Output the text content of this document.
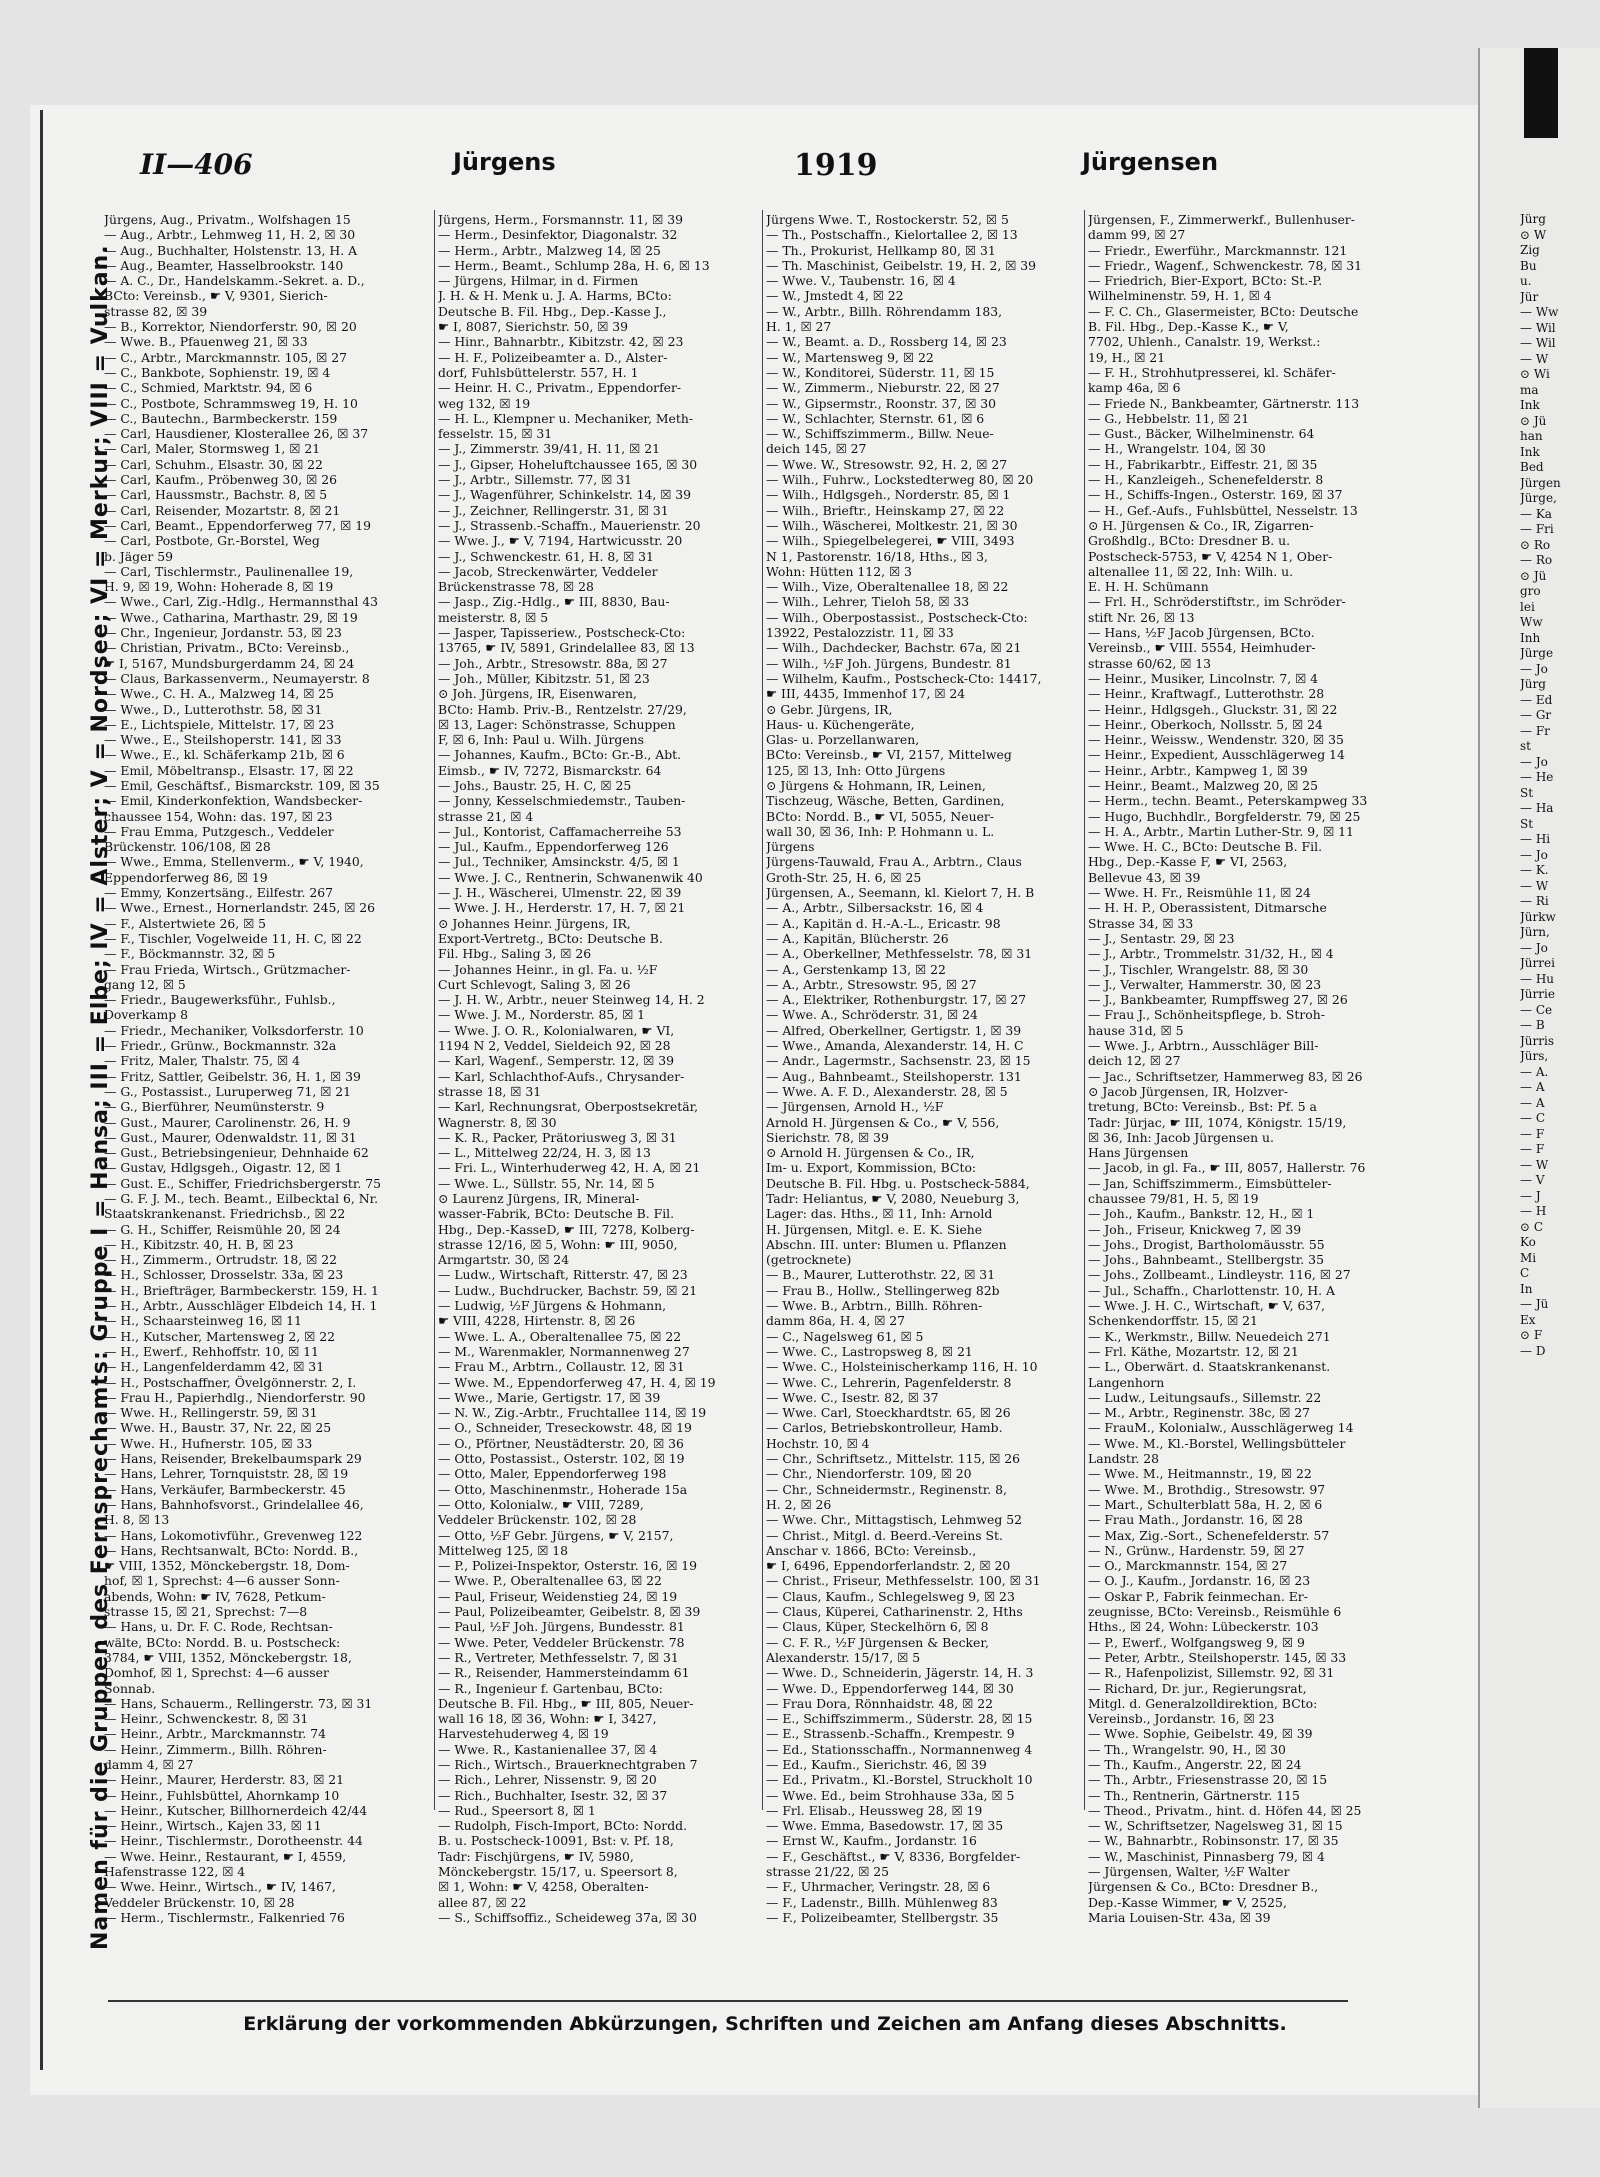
II—406	Jürgens	1919	Jürgensen
Namen für die Gruppen des Fernsprechamts: Gruppe I = Hansa; III = Elbe; IV = Alster; V = Nordsee; VI = Merkur; VIII = Vulkan.

Jürgens, Aug., Privatm., Wolfshagen 15

— Aug., Arbtr., Lehmweg 11, H. 2, ☒ 30

— Aug., Buchhalter, Holstenstr. 13, H. A

— Aug., Beamter, Hasselbrookstr. 140

— A. C., Dr., Handelskamm.-Sekret. a. D.,

BCto: Vereinsb., ☛ V, 9301, Sierich-

strasse 82, ☒ 39

— B., Korrektor, Niendorferstr. 90, ☒ 20

— Wwe. B., Pfauenweg 21, ☒ 33

— C., Arbtr., Marckmannstr. 105, ☒ 27

— C., Bankbote, Sophienstr. 19, ☒ 4

— C., Schmied, Marktstr. 94, ☒ 6

— C., Postbote, Schrammsweg 19, H. 10

— C., Bautechn., Barmbeckerstr. 159

— Carl, Hausdiener, Klosterallee 26, ☒ 37

— Carl, Maler, Stormsweg 1, ☒ 21

— Carl, Schuhm., Elsastr. 30, ☒ 22

— Carl, Kaufm., Pröbenweg 30, ☒ 26

— Carl, Haussmstr., Bachstr. 8, ☒ 5

— Carl, Reisender, Mozartstr. 8, ☒ 21

— Carl, Beamt., Eppendorferweg 77, ☒ 19

— Carl, Postbote, Gr.-Borstel, Weg

b. Jäger 59

— Carl, Tischlermstr., Paulinenallee 19,

H. 9, ☒ 19, Wohn: Hoherade 8, ☒ 19

— Wwe., Carl, Zig.-Hdlg., Hermannsthal 43

— Wwe., Catharina, Marthastr. 29, ☒ 19

— Chr., Ingenieur, Jordanstr. 53, ☒ 23

— Christian, Privatm., BCto: Vereinsb.,

☛ I, 5167, Mundsburgerdamm 24, ☒ 24

— Claus, Barkassenverm., Neumayerstr. 8

— Wwe., C. H. A., Malzweg 14, ☒ 25

— Wwe., D., Lutterothstr. 58, ☒ 31

— E., Lichtspiele, Mittelstr. 17, ☒ 23

— Wwe., E., Steilshoperstr. 141, ☒ 33

— Wwe., E., kl. Schäferkamp 21b, ☒ 6

— Emil, Möbeltransp., Elsastr. 17, ☒ 22

— Emil, Geschäftsf., Bismarckstr. 109, ☒ 35

— Emil, Kinderkonfektion, Wandsbecker-

chaussee 154, Wohn: das. 197, ☒ 23

— Frau Emma, Putzgesch., Veddeler

Brückenstr. 106/108, ☒ 28

— Wwe., Emma, Stellenverm., ☛ V, 1940,

Eppendorferweg 86, ☒ 19

— Emmy, Konzertsäng., Eilfestr. 267

— Wwe., Ernest., Hornerlandstr. 245, ☒ 26

— F., Alstertwiete 26, ☒ 5

— F., Tischler, Vogelweide 11, H. C, ☒ 22

— F., Böckmannstr. 32, ☒ 5

— Frau Frieda, Wirtsch., Grützmacher-

gang 12, ☒ 5

— Friedr., Baugewerksführ., Fuhlsb.,

Doverkamp 8

— Friedr., Mechaniker, Volksdorferstr. 10

— Friedr., Grünw., Bockmannstr. 32a

— Fritz, Maler, Thalstr. 75, ☒ 4

— Fritz, Sattler, Geibelstr. 36, H. 1, ☒ 39

— G., Postassist., Luruperweg 71, ☒ 21

— G., Bierführer, Neumünsterstr. 9

— Gust., Maurer, Carolinenstr. 26, H. 9

— Gust., Maurer, Odenwaldstr. 11, ☒ 31

— Gust., Betriebsingenieur, Dehnhaide 62

— Gustav, Hdlgsgeh., Oigastr. 12, ☒ 1

— Gust. E., Schiffer, Friedrichsbergerstr. 75

— G. F. J. M., tech. Beamt., Eilbecktal 6, Nr.

Staatskrankenanst. Friedrichsb., ☒ 22

— G. H., Schiffer, Reismühle 20, ☒ 24

— H., Kibitzstr. 40, H. B, ☒ 23

— H., Zimmerm., Ortrudstr. 18, ☒ 22

— H., Schlosser, Drosselstr. 33a, ☒ 23

— H., Briefträger, Barmbeckerstr. 159, H. 1

— H., Arbtr., Ausschläger Elbdeich 14, H. 1

— H., Schaarsteinweg 16, ☒ 11

— H., Kutscher, Martensweg 2, ☒ 22

— H., Ewerf., Rehhoffstr. 10, ☒ 11

— H., Langenfelderdamm 42, ☒ 31

— H., Postschaffner, Övelgönnerstr. 2, I.

— Frau H., Papierhdlg., Niendorferstr. 90

— Wwe. H., Rellingerstr. 59, ☒ 31

— Wwe. H., Baustr. 37, Nr. 22, ☒ 25

— Wwe. H., Hufnerstr. 105, ☒ 33

— Hans, Reisender, Brekelbaumspark 29

— Hans, Lehrer, Tornquiststr. 28, ☒ 19

— Hans, Verkäufer, Barmbeckerstr. 45

— Hans, Bahnhofsvorst., Grindelallee 46,

H. 8, ☒ 13

— Hans, Lokomotivführ., Grevenweg 122

— Hans, Rechtsanwalt, BCto: Nordd. B.,

☛ VIII, 1352, Mönckebergstr. 18, Dom-

hof, ☒ 1, Sprechst: 4—6 ausser Sonn-

abends, Wohn: ☛ IV, 7628, Petkum-

strasse 15, ☒ 21, Sprechst: 7—8

— Hans, u. Dr. F. C. Rode, Rechtsan-

wälte, BCto: Nordd. B. u. Postscheck:

3784, ☛ VIII, 1352, Mönckebergstr. 18,

Domhof, ☒ 1, Sprechst: 4—6 ausser

Sonnab.

— Hans, Schauerm., Rellingerstr. 73, ☒ 31

— Heinr., Schwenckestr. 8, ☒ 31

— Heinr., Arbtr., Marckmannstr. 74

— Heinr., Zimmerm., Billh. Röhren-

damm 4, ☒ 27

— Heinr., Maurer, Herderstr. 83, ☒ 21

— Heinr., Fuhlsbüttel, Ahornkamp 10

— Heinr., Kutscher, Billhornerdeich 42/44

— Heinr., Wirtsch., Kajen 33, ☒ 11

— Heinr., Tischlermstr., Dorotheenstr. 44

— Wwe. Heinr., Restaurant, ☛ I, 4559,

Hafenstrasse 122, ☒ 4

— Wwe. Heinr., Wirtsch., ☛ IV, 1467,

Veddeler Brückenstr. 10, ☒ 28

— Herm., Tischlermstr., Falkenried 76

Jürgens, Herm., Forsmannstr. 11, ☒ 39

— Herm., Desinfektor, Diagonalstr. 32

— Herm., Arbtr., Malzweg 14, ☒ 25

— Herm., Beamt., Schlump 28a, H. 6, ☒ 13

— Jürgens, Hilmar, in d. Firmen

J. H. & H. Menk u. J. A. Harms, BCto:

Deutsche B. Fil. Hbg., Dep.-Kasse J.,

☛ I, 8087, Sierichstr. 50, ☒ 39

— Hinr., Bahnarbtr., Kibitzstr. 42, ☒ 23

— H. F., Polizeibeamter a. D., Alster-

dorf, Fuhlsbüttelerstr. 557, H. 1

— Heinr. H. C., Privatm., Eppendorfer-

weg 132, ☒ 19

— H. L., Klempner u. Mechaniker, Meth-

fesselstr. 15, ☒ 31

— J., Zimmerstr. 39/41, H. 11, ☒ 21

— J., Gipser, Hoheluftchaussee 165, ☒ 30

— J., Arbtr., Sillemstr. 77, ☒ 31

— J., Wagenführer, Schinkelstr. 14, ☒ 39

— J., Zeichner, Rellingerstr. 31, ☒ 31

— J., Strassenb.-Schaffn., Mauerienstr. 20

— Wwe. J., ☛ V, 7194, Hartwicusstr. 20

— J., Schwenckestr. 61, H. 8, ☒ 31

— Jacob, Streckenwärter, Veddeler

Brückenstrasse 78, ☒ 28

— Jasp., Zig.-Hdlg., ☛ III, 8830, Bau-

meisterstr. 8, ☒ 5

— Jasper, Tapisseriew., Postscheck-Cto:

13765, ☛ IV, 5891, Grindelallee 83, ☒ 13

— Joh., Arbtr., Stresowstr. 88a, ☒ 27

— Joh., Müller, Kibitzstr. 51, ☒ 23

⊙ Joh. Jürgens, IR, Eisenwaren,

BCto: Hamb. Priv.-B., Rentzelstr. 27/29,

☒ 13, Lager: Schönstrasse, Schuppen

F, ☒ 6, Inh: Paul u. Wilh. Jürgens

— Johannes, Kaufm., BCto: Gr.-B., Abt.

Eimsb., ☛ IV, 7272, Bismarckstr. 64

— Johs., Baustr. 25, H. C, ☒ 25

— Jonny, Kesselschmiedemstr., Tauben-

strasse 21, ☒ 4

— Jul., Kontorist, Caffamacherreihe 53

— Jul., Kaufm., Eppendorferweg 126

— Jul., Techniker, Amsinckstr. 4/5, ☒ 1

— Wwe. J. C., Rentnerin, Schwanenwik 40

— J. H., Wäscherei, Ulmenstr. 22, ☒ 39

— Wwe. J. H., Herderstr. 17, H. 7, ☒ 21

⊙ Johannes Heinr. Jürgens, IR,

Export-Vertretg., BCto: Deutsche B.

Fil. Hbg., Saling 3, ☒ 26

— Johannes Heinr., in gl. Fa. u. ½F

Curt Schlevogt, Saling 3, ☒ 26

— J. H. W., Arbtr., neuer Steinweg 14, H. 2

— Wwe. J. M., Norderstr. 85, ☒ 1

— Wwe. J. O. R., Kolonialwaren, ☛ VI,

1194 N 2, Veddel, Sieldeich 92, ☒ 28

— Karl, Wagenf., Semperstr. 12, ☒ 39

— Karl, Schlachthof-Aufs., Chrysander-

strasse 18, ☒ 31

— Karl, Rechnungsrat, Oberpostsekretär,

Wagnerstr. 8, ☒ 30

— K. R., Packer, Prätoriusweg 3, ☒ 31

— L., Mittelweg 22/24, H. 3, ☒ 13

— Fri. L., Winterhuderweg 42, H. A, ☒ 21

— Wwe. L., Süllstr. 55, Nr. 14, ☒ 5

⊙ Laurenz Jürgens, IR, Mineral-

wasser-Fabrik, BCto: Deutsche B. Fil.

Hbg., Dep.-KasseD, ☛ III, 7278, Kolberg-

strasse 12/16, ☒ 5, Wohn: ☛ III, 9050,

Armgartstr. 30, ☒ 24

— Ludw., Wirtschaft, Ritterstr. 47, ☒ 23

— Ludw., Buchdrucker, Bachstr. 59, ☒ 21

— Ludwig, ½F Jürgens & Hohmann,

☛ VIII, 4228, Hirtenstr. 8, ☒ 26

— Wwe. L. A., Oberaltenallee 75, ☒ 22

— M., Warenmakler, Normannenweg 27

— Frau M., Arbtrn., Collaustr. 12, ☒ 31

— Wwe. M., Eppendorferweg 47, H. 4, ☒ 19

— Wwe., Marie, Gertigstr. 17, ☒ 39

— N. W., Zig.-Arbtr., Fruchtallee 114, ☒ 19

— O., Schneider, Treseckowstr. 48, ☒ 19

— O., Pförtner, Neustädterstr. 20, ☒ 36

— Otto, Postassist., Osterstr. 102, ☒ 19

— Otto, Maler, Eppendorferweg 198

— Otto, Maschinenmstr., Hoherade 15a

— Otto, Kolonialw., ☛ VIII, 7289,

Veddeler Brückenstr. 102, ☒ 28

— Otto, ½F Gebr. Jürgens, ☛ V, 2157,

Mittelweg 125, ☒ 18

— P., Polizei-Inspektor, Osterstr. 16, ☒ 19

— Wwe. P., Oberaltenallee 63, ☒ 22

— Paul, Friseur, Weidenstieg 24, ☒ 19

— Paul, Polizeibeamter, Geibelstr. 8, ☒ 39

— Paul, ½F Joh. Jürgens, Bundesstr. 81

— Wwe. Peter, Veddeler Brückenstr. 78

— R., Vertreter, Methfesselstr. 7, ☒ 31

— R., Reisender, Hammersteindamm 61

— R., Ingenieur f. Gartenbau, BCto:

Deutsche B. Fil. Hbg., ☛ III, 805, Neuer-

wall 16 18, ☒ 36, Wohn: ☛ I, 3427,

Harvestehuderweg 4, ☒ 19

— Wwe. R., Kastanienallee 37, ☒ 4

— Rich., Wirtsch., Brauerknechtgraben 7

— Rich., Lehrer, Nissenstr. 9, ☒ 20

— Rich., Buchhalter, Isestr. 32, ☒ 37

— Rud., Speersort 8, ☒ 1

— Rudolph, Fisch-Import, BCto: Nordd.

B. u. Postscheck-10091, Bst: v. Pf. 18,

Tadr: Fischjürgens, ☛ IV, 5980,

Mönckebergstr. 15/17, u. Speersort 8,

☒ 1, Wohn: ☛ V, 4258, Oberalten-

allee 87, ☒ 22

— S., Schiffsoffiz., Scheideweg 37a, ☒ 30

Jürgens Wwe. T., Rostockerstr. 52, ☒ 5

— Th., Postschaffn., Kielortallee 2, ☒ 13

— Th., Prokurist, Hellkamp 80, ☒ 31

— Th. Maschinist, Geibelstr. 19, H. 2, ☒ 39

— Wwe. V., Taubenstr. 16, ☒ 4

— W., Jmstedt 4, ☒ 22

— W., Arbtr., Billh. Röhrendamm 183,

H. 1, ☒ 27

— W., Beamt. a. D., Rossberg 14, ☒ 23

— W., Martensweg 9, ☒ 22

— W., Konditorei, Süderstr. 11, ☒ 15

— W., Zimmerm., Nieburstr. 22, ☒ 27

— W., Gipsermstr., Roonstr. 37, ☒ 30

— W., Schlachter, Sternstr. 61, ☒ 6

— W., Schiffszimmerm., Billw. Neue-

deich 145, ☒ 27

— Wwe. W., Stresowstr. 92, H. 2, ☒ 27

— Wilh., Fuhrw., Lockstedterweg 80, ☒ 20

— Wilh., Hdlgsgeh., Norderstr. 85, ☒ 1

— Wilh., Brieftr., Heinskamp 27, ☒ 22

— Wilh., Wäscherei, Moltkestr. 21, ☒ 30

— Wilh., Spiegelbelegerei, ☛ VIII, 3493

N 1, Pastorenstr. 16/18, Hths., ☒ 3,

Wohn: Hütten 112, ☒ 3

— Wilh., Vize, Oberaltenallee 18, ☒ 22

— Wilh., Lehrer, Tieloh 58, ☒ 33

— Wilh., Oberpostassist., Postscheck-Cto:

13922, Pestalozzistr. 11, ☒ 33

— Wilh., Dachdecker, Bachstr. 67a, ☒ 21

— Wilh., ½F Joh. Jürgens, Bundestr. 81

— Wilhelm, Kaufm., Postscheck-Cto: 14417,

☛ III, 4435, Immenhof 17, ☒ 24

⊙ Gebr. Jürgens, IR,

Haus- u. Küchengeräte,

Glas- u. Porzellanwaren,

BCto: Vereinsb., ☛ VI, 2157, Mittelweg

125, ☒ 13, Inh: Otto Jürgens

⊙ Jürgens & Hohmann, IR, Leinen,

Tischzeug, Wäsche, Betten, Gardinen,

BCto: Nordd. B., ☛ VI, 5055, Neuer-

wall 30, ☒ 36, Inh: P. Hohmann u. L.

Jürgens

Jürgens-Tauwald, Frau A., Arbtrn., Claus

Groth-Str. 25, H. 6, ☒ 25

Jürgensen, A., Seemann, kl. Kielort 7, H. B

— A., Arbtr., Silbersackstr. 16, ☒ 4

— A., Kapitän d. H.-A.-L., Ericastr. 98

— A., Kapitän, Blücherstr. 26

— A., Oberkellner, Methfesselstr. 78, ☒ 31

— A., Gerstenkamp 13, ☒ 22

— A., Arbtr., Stresowstr. 95, ☒ 27

— A., Elektriker, Rothenburgstr. 17, ☒ 27

— Wwe. A., Schröderstr. 31, ☒ 24

— Alfred, Oberkellner, Gertigstr. 1, ☒ 39

— Wwe., Amanda, Alexanderstr. 14, H. C

— Andr., Lagermstr., Sachsenstr. 23, ☒ 15

— Aug., Bahnbeamt., Steilshoperstr. 131

— Wwe. A. F. D., Alexanderstr. 28, ☒ 5

— Jürgensen, Arnold H., ½F

Arnold H. Jürgensen & Co., ☛ V, 556,

Sierichstr. 78, ☒ 39

⊙ Arnold H. Jürgensen & Co., IR,

Im- u. Export, Kommission, BCto:

Deutsche B. Fil. Hbg. u. Postscheck-5884,

Tadr: Heliantus, ☛ V, 2080, Neueburg 3,

Lager: das. Hths., ☒ 11, Inh: Arnold

H. Jürgensen, Mitgl. e. E. K. Siehe

Abschn. III. unter: Blumen u. Pflanzen

(getrocknete)

— B., Maurer, Lutterothstr. 22, ☒ 31

— Frau B., Hollw., Stellingerweg 82b

— Wwe. B., Arbtrn., Billh. Röhren-

damm 86a, H. 4, ☒ 27

— C., Nagelsweg 61, ☒ 5

— Wwe. C., Lastropsweg 8, ☒ 21

— Wwe. C., Holsteinischerkamp 116, H. 10

— Wwe. C., Lehrerin, Pagenfelderstr. 8

— Wwe. C., Isestr. 82, ☒ 37

— Wwe. Carl, Stoeckhardtstr. 65, ☒ 26

— Carlos, Betriebskontrolleur, Hamb.

Hochstr. 10, ☒ 4

— Chr., Schriftsetz., Mittelstr. 115, ☒ 26

— Chr., Niendorferstr. 109, ☒ 20

— Chr., Schneidermstr., Reginenstr. 8,

H. 2, ☒ 26

— Wwe. Chr., Mittagstisch, Lehmweg 52

— Christ., Mitgl. d. Beerd.-Vereins St.

Anschar v. 1866, BCto: Vereinsb.,

☛ I, 6496, Eppendorferlandstr. 2, ☒ 20

— Christ., Friseur, Methfesselstr. 100, ☒ 31

— Claus, Kaufm., Schlegelsweg 9, ☒ 23

— Claus, Küperei, Catharinenstr. 2, Hths

— Claus, Küper, Steckelhörn 6, ☒ 8

— C. F. R., ½F Jürgensen & Becker,

Alexanderstr. 15/17, ☒ 5

— Wwe. D., Schneiderin, Jägerstr. 14, H. 3

— Wwe. D., Eppendorferweg 144, ☒ 30

— Frau Dora, Rönnhaidstr. 48, ☒ 22

— E., Schiffszimmerm., Süderstr. 28, ☒ 15

— E., Strassenb.-Schaffn., Krempestr. 9

— Ed., Stationsschaffn., Normannenweg 4

— Ed., Kaufm., Sierichstr. 46, ☒ 39

— Ed., Privatm., Kl.-Borstel, Struckholt 10

— Wwe. Ed., beim Strohhause 33a, ☒ 5

— Frl. Elisab., Heussweg 28, ☒ 19

— Wwe. Emma, Basedowstr. 17, ☒ 35

— Ernst W., Kaufm., Jordanstr. 16

— F., Geschäftst., ☛ V, 8336, Borgfelder-

strasse 21/22, ☒ 25

— F., Uhrmacher, Veringstr. 28, ☒ 6

— F., Ladenstr., Billh. Mühlenweg 83

— F., Polizeibeamter, Stellbergstr. 35

Jürgensen, F., Zimmerwerkf., Bullenhuser-

damm 99, ☒ 27

— Friedr., Ewerführ., Marckmannstr. 121

— Friedr., Wagenf., Schwenckestr. 78, ☒ 31

— Friedrich, Bier-Export, BCto: St.-P.

Wilhelminenstr. 59, H. 1, ☒ 4

— F. C. Ch., Glasermeister, BCto: Deutsche

B. Fil. Hbg., Dep.-Kasse K., ☛ V,

7702, Uhlenh., Canalstr. 19, Werkst.:

19, H., ☒ 21

— F. H., Strohhutpresserei, kl. Schäfer-

kamp 46a, ☒ 6

— Friede N., Bankbeamter, Gärtnerstr. 113

— G., Hebbelstr. 11, ☒ 21

— Gust., Bäcker, Wilhelminenstr. 64

— H., Wrangelstr. 104, ☒ 30

— H., Fabrikarbtr., Eiffestr. 21, ☒ 35

— H., Kanzleigeh., Schenefelderstr. 8

— H., Schiffs-Ingen., Osterstr. 169, ☒ 37

— H., Gef.-Aufs., Fuhlsbüttel, Nesselstr. 13

⊙ H. Jürgensen & Co., IR, Zigarren-

Großhdlg., BCto: Dresdner B. u.

Postscheck-5753, ☛ V, 4254 N 1, Ober-

altenallee 11, ☒ 22, Inh: Wilh. u.

E. H. H. Schümann

— Frl. H., Schröderstiftstr., im Schröder-

stift Nr. 26, ☒ 13

— Hans, ½F Jacob Jürgensen, BCto.

Vereinsb., ☛ VIII. 5554, Heimhuder-

strasse 60/62, ☒ 13

— Heinr., Musiker, Lincolnstr. 7, ☒ 4

— Heinr., Kraftwagf., Lutterothstr. 28

— Heinr., Hdlgsgeh., Gluckstr. 31, ☒ 22

— Heinr., Oberkoch, Nollsstr. 5, ☒ 24

— Heinr., Weissw., Wendenstr. 320, ☒ 35

— Heinr., Expedient, Ausschlägerweg 14

— Heinr., Arbtr., Kampweg 1, ☒ 39

— Heinr., Beamt., Malzweg 20, ☒ 25

— Herm., techn. Beamt., Peterskampweg 33

— Hugo, Buchhdlr., Borgfelderstr. 79, ☒ 25

— H. A., Arbtr., Martin Luther-Str. 9, ☒ 11

— Wwe. H. C., BCto: Deutsche B. Fil.

Hbg., Dep.-Kasse F, ☛ VI, 2563,

Bellevue 43, ☒ 39

— Wwe. H. Fr., Reismühle 11, ☒ 24

— H. H. P., Oberassistent, Ditmarsche

Strasse 34, ☒ 33

— J., Sentastr. 29, ☒ 23

— J., Arbtr., Trommelstr. 31/32, H., ☒ 4

— J., Tischler, Wrangelstr. 88, ☒ 30

— J., Verwalter, Hammerstr. 30, ☒ 23

— J., Bankbeamter, Rumpffsweg 27, ☒ 26

— Frau J., Schönheitspflege, b. Stroh-

hause 31d, ☒ 5

— Wwe. J., Arbtrn., Ausschläger Bill-

deich 12, ☒ 27

— Jac., Schriftsetzer, Hammerweg 83, ☒ 26

⊙ Jacob Jürgensen, IR, Holzver-

tretung, BCto: Vereinsb., Bst: Pf. 5 a

Tadr: Jürjac, ☛ III, 1074, Königstr. 15/19,

☒ 36, Inh: Jacob Jürgensen u.

Hans Jürgensen

— Jacob, in gl. Fa., ☛ III, 8057, Hallerstr. 76

— Jan, Schiffszimmerm., Eimsbütteler-

chaussee 79/81, H. 5, ☒ 19

— Joh., Kaufm., Bankstr. 12, H., ☒ 1

— Joh., Friseur, Knickweg 7, ☒ 39

— Johs., Drogist, Bartholomäusstr. 55

— Johs., Bahnbeamt., Stellbergstr. 35

— Johs., Zollbeamt., Lindleystr. 116, ☒ 27

— Jul., Schaffn., Charlottenstr. 10, H. A

— Wwe. J. H. C., Wirtschaft, ☛ V, 637,

Schenkendorffstr. 15, ☒ 21

— K., Werkmstr., Billw. Neuedeich 271

— Frl. Käthe, Mozartstr. 12, ☒ 21

— L., Oberwärt. d. Staatskrankenanst.

Langenhorn

— Ludw., Leitungsaufs., Sillemstr. 22

— M., Arbtr., Reginenstr. 38c, ☒ 27

— FrauM., Kolonialw., Ausschlägerweg 14

— Wwe. M., Kl.-Borstel, Wellingsbütteler

Landstr. 28

— Wwe. M., Heitmannstr., 19, ☒ 22

— Wwe. M., Brothdig., Stresowstr. 97

— Mart., Schulterblatt 58a, H. 2, ☒ 6

— Frau Math., Jordanstr. 16, ☒ 28

— Max, Zig.-Sort., Schenefelderstr. 57

— N., Grünw., Hardenstr. 59, ☒ 27

— O., Marckmannstr. 154, ☒ 27

— O. J., Kaufm., Jordanstr. 16, ☒ 23

— Oskar P., Fabrik feinmechan. Er-

zeugnisse, BCto: Vereinsb., Reismühle 6

Hths., ☒ 24, Wohn: Lübeckerstr. 103

— P., Ewerf., Wolfgangsweg 9, ☒ 9

— Peter, Arbtr., Steilshoperstr. 145, ☒ 33

— R., Hafenpolizist, Sillemstr. 92, ☒ 31

— Richard, Dr. jur., Regierungsrat,

Mitgl. d. Generalzolldirektion, BCto:

Vereinsb., Jordanstr. 16, ☒ 23

— Wwe. Sophie, Geibelstr. 49, ☒ 39

— Th., Wrangelstr. 90, H., ☒ 30

— Th., Kaufm., Angerstr. 22, ☒ 24

— Th., Arbtr., Friesenstrasse 20, ☒ 15

— Th., Rentnerin, Gärtnerstr. 115

— Theod., Privatm., hint. d. Höfen 44, ☒ 25

— W., Schriftsetzer, Nagelsweg 31, ☒ 15

— W., Bahnarbtr., Robinsonstr. 17, ☒ 35

— W., Maschinist, Pinnasberg 79, ☒ 4

— Jürgensen, Walter, ½F Walter

Jürgensen & Co., BCto: Dresdner B.,

Dep.-Kasse Wimmer, ☛ V, 2525,

Maria Louisen-Str. 43a, ☒ 39

Jürg

⊙ W

Zig

Bu

u.

Jür

— Ww

— Wil

— Wil

— W

⊙ Wi

ma

Ink

⊙ Jü

han

Ink

Bed

Jürgen

Jürge,

— Ka

— Fri

⊙ Ro

— Ro

⊙ Jü

gro

lei

Ww

Inh

Jürge

— Jo

Jürg

— Ed

— Gr

— Fr

st

— Jo

— He

St

— Ha

St

— Hi

— Jo

— K.

— W

— Ri

Jürkw

Jürn,

— Jo

Jürrei

— Hu

Jürrie

— Ce

— B

Jürris

Jürs,

— A.

— A

— A

— C

— F

— F

— W

— V

— J

— H

⊙ C

Ko

Mi

C

In

— Jü

Ex

⊙ F

— D

Erklärung der vorkommenden Abkürzungen, Schriften und Zeichen am Anfang dieses Abschnitts.
